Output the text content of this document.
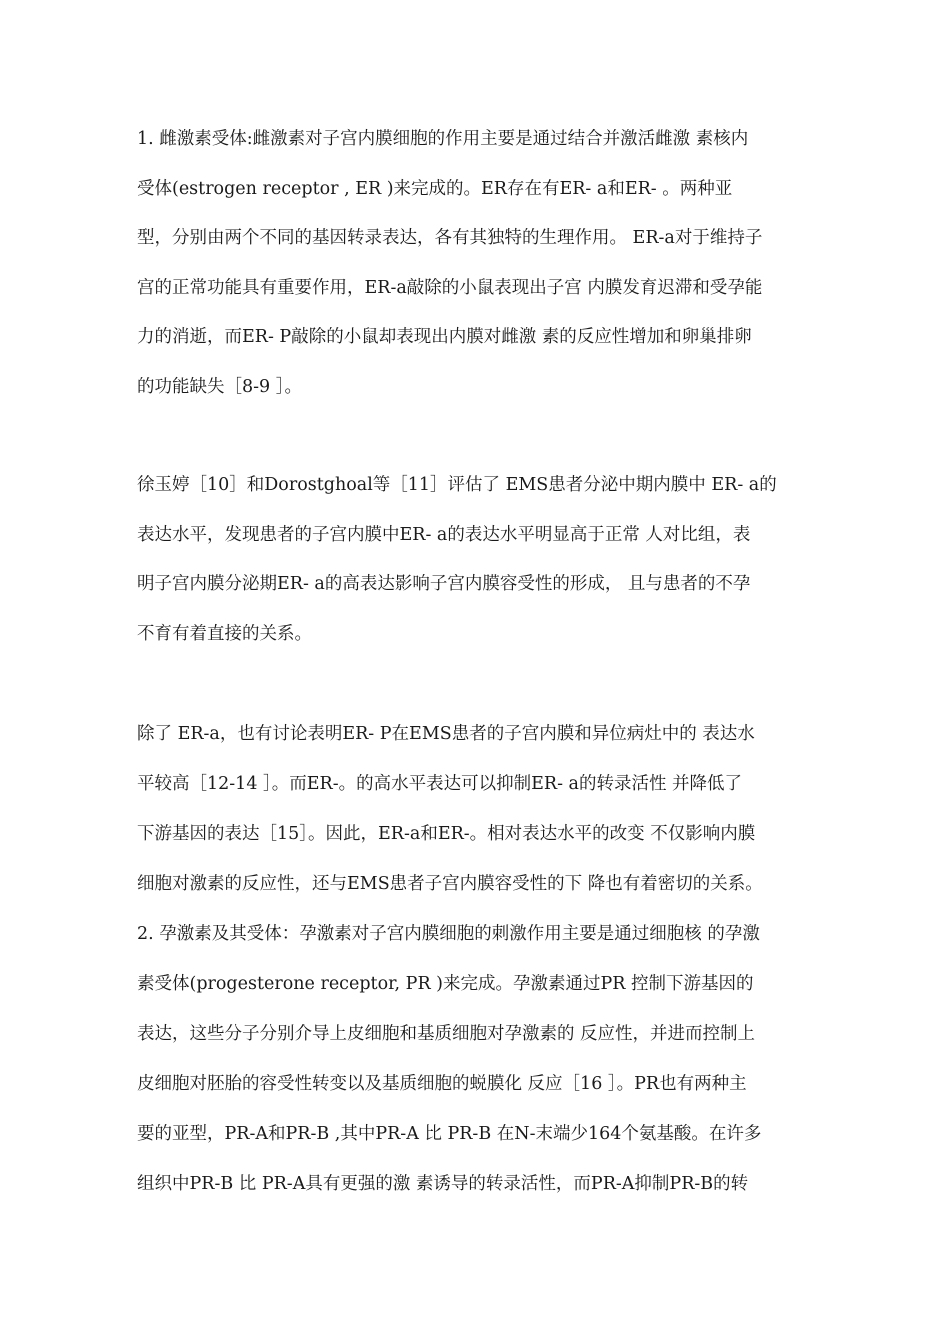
1. 雌激素受体:雌激素对子宫内膜细胞的作用主要是通过结合并激活雌激 素核内
受体(estrogen receptor , ER )来完成的。ER存在有ER- a和ER- 。两种亚
型，分别由两个不同的基因转录表达，各有其独特的生理作用。 ER-a对于维持子
宫的正常功能具有重要作用，ER-a敲除的小鼠表现出子宫 内膜发育迟滞和受孕能
力的消逝，而ER- P敲除的小鼠却表现出内膜对雌激 素的反应性增加和卵巢排卵
的功能缺失［8-9 ］。
徐玉婷［10］和Dorostghoal等［11］评估了 EMS患者分泌中期内膜中 ER- a的
表达水平，发现患者的子宫内膜中ER- a的表达水平明显高于正常 人对比组，表
明子宫内膜分泌期ER- a的高表达影响子宫内膜容受性的形成， 且与患者的不孕
不育有着直接的关系。
除了 ER-a，也有讨论表明ER- P在EMS患者的子宫内膜和异位病灶中的 表达水
平较高［12-14 ］。而ER-。的高水平表达可以抑制ER- a的转录活性 并降低了
下游基因的表达［15］。因此，ER-a和ER-。相对表达水平的改变 不仅影响内膜
细胞对激素的反应性，还与EMS患者子宫内膜容受性的下 降也有着密切的关系。
2. 孕激素及其受体：孕激素对子宫内膜细胞的刺激作用主要是通过细胞核 的孕激
素受体(progesterone receptor, PR )来完成。孕激素通过PR 控制下游基因的
表达，这些分子分别介导上皮细胞和基质细胞对孕激素的 反应性，并进而控制上
皮细胞对胚胎的容受性转变以及基质细胞的蜕膜化 反应［16 ］。PR也有两种主
要的亚型，PR-A和PR-B ,其中PR-A 比 PR-B 在N-末端少164个氨基酸。在许多
组织中PR-B 比 PR-A具有更强的激 素诱导的转录活性，而PR-A抑制PR-B的转
